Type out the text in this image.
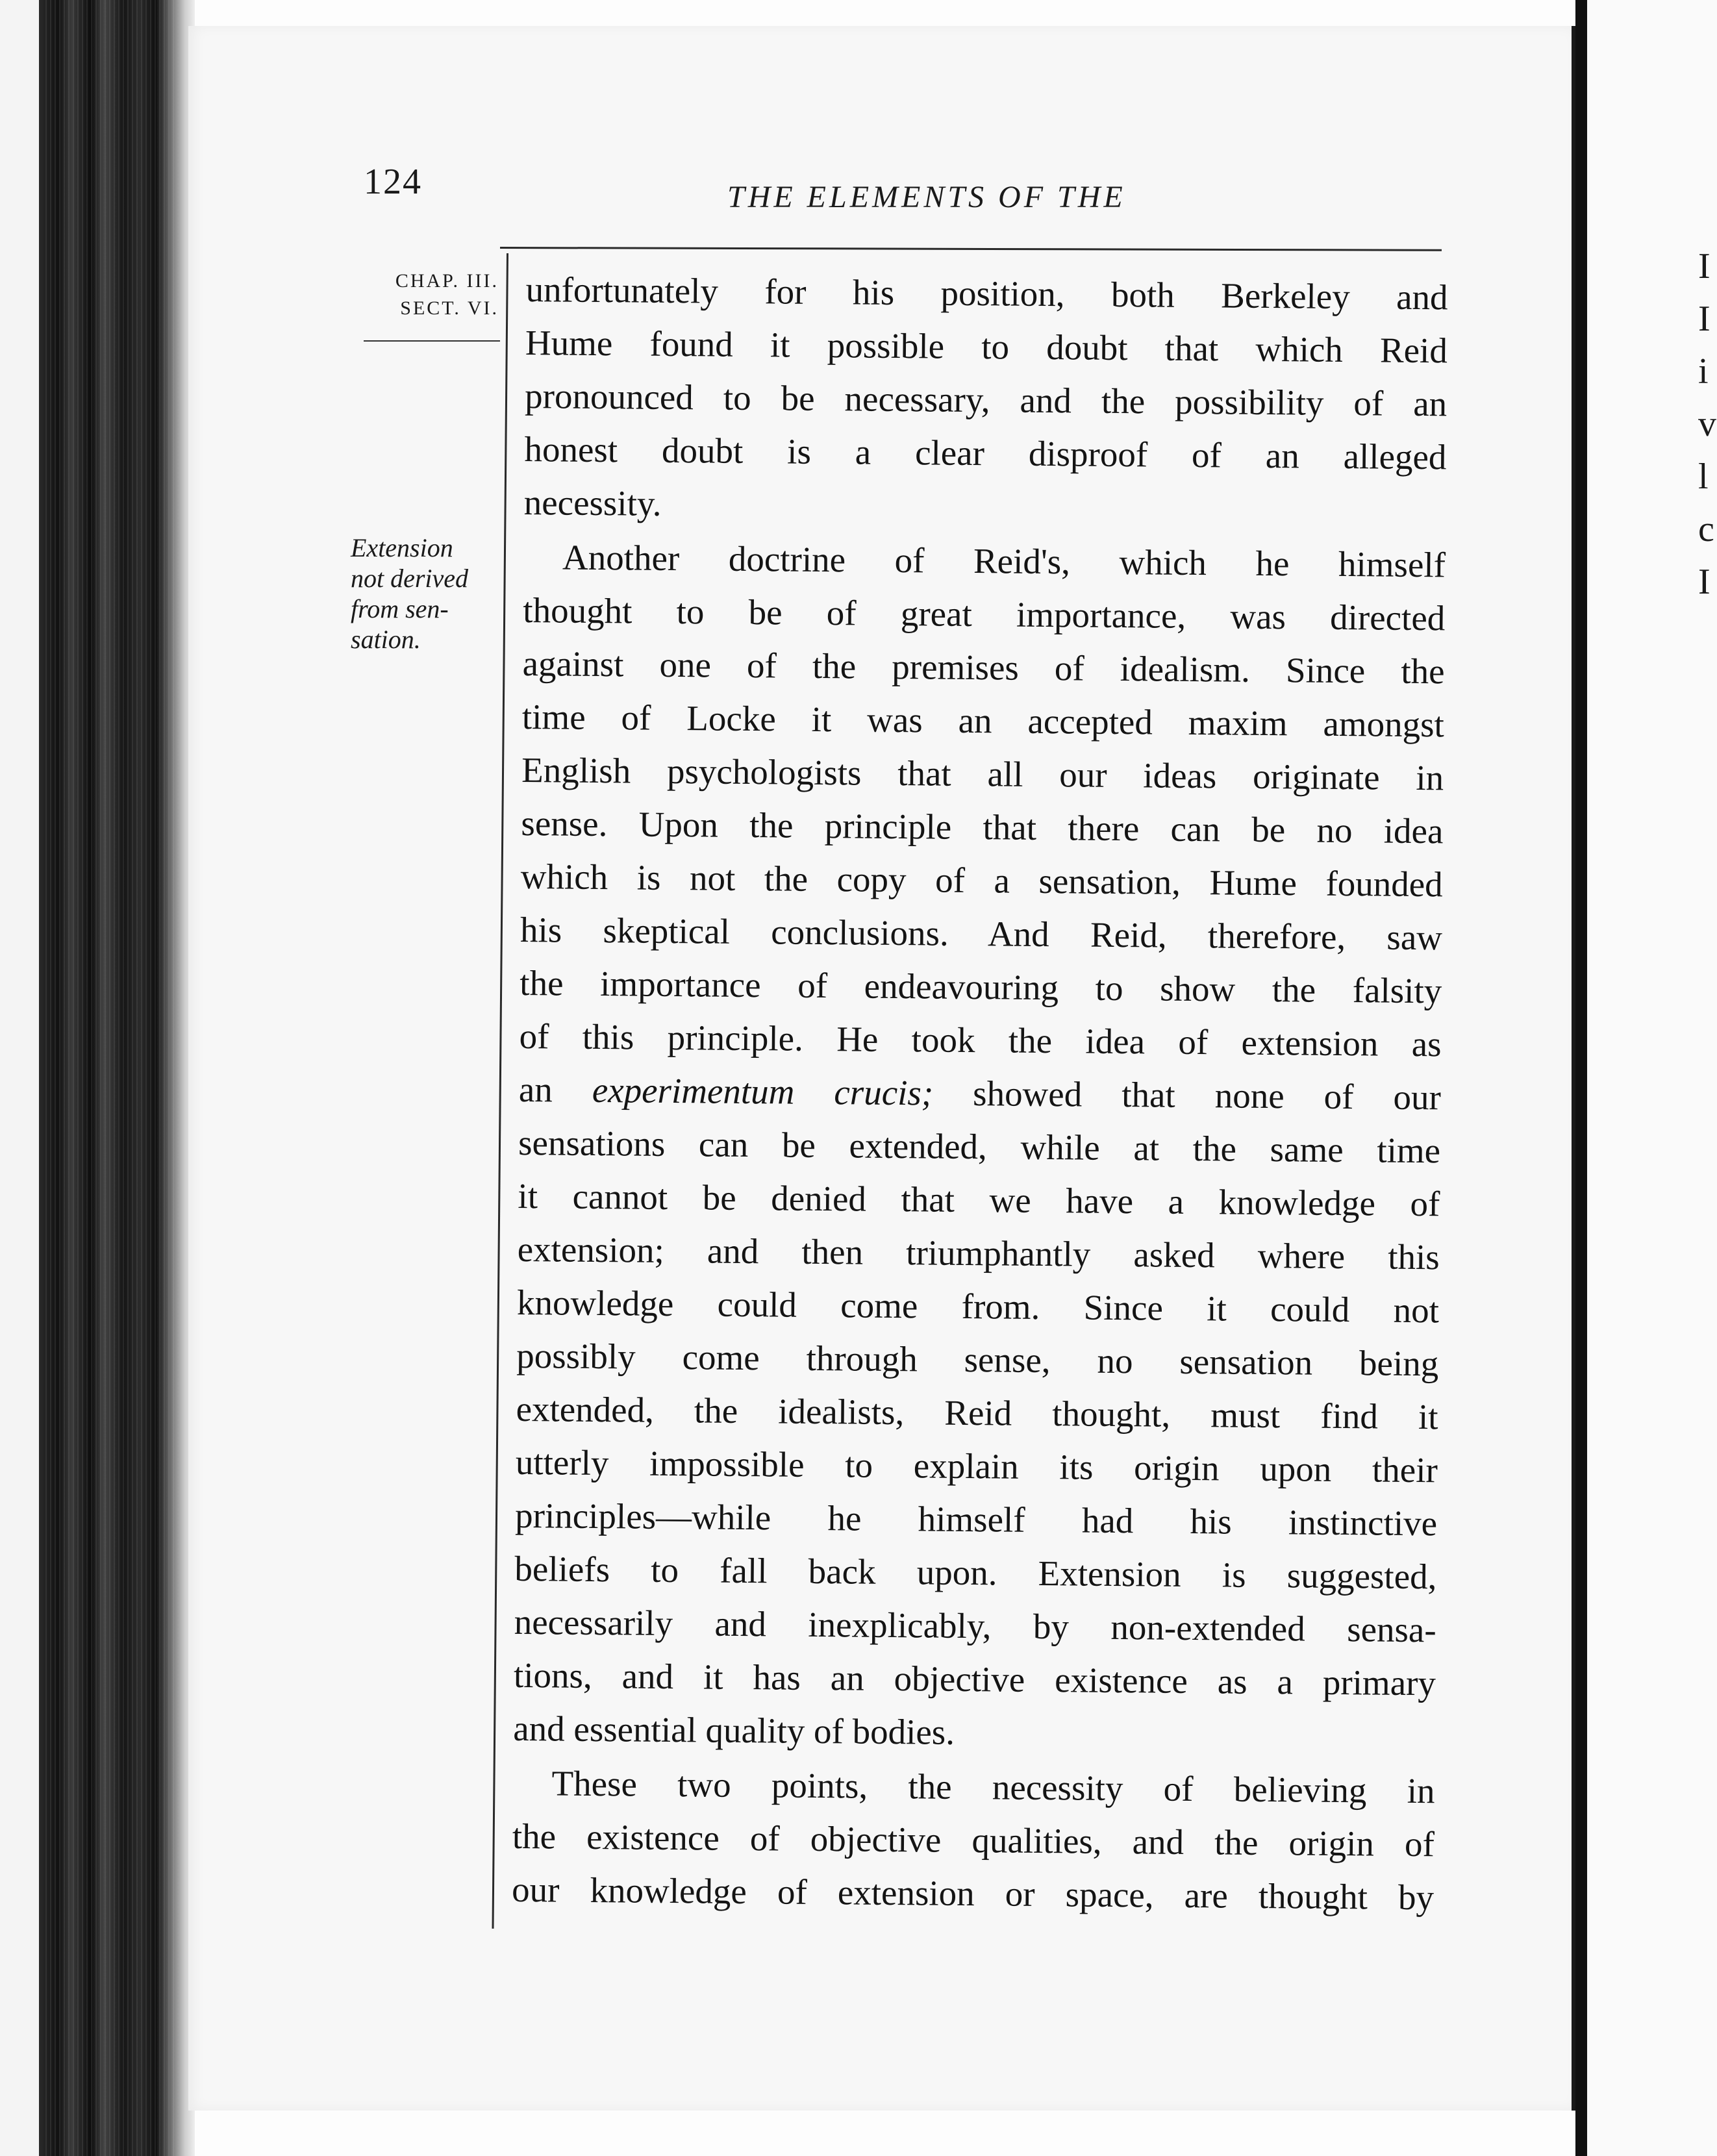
I
I
i
v
l
c
I
124	THE ELEMENTS OF THE
CHAP. III.
SECT. VI.
Extension
not derived
from sen-
sation.
unfortunately for his position, both Berkeley and
Hume found it possible to doubt that which Reid
pronounced to be necessary, and the possibility of an
honest doubt is a clear disproof of an alleged
necessity.
Another doctrine of Reid's, which he himself
thought to be of great importance, was directed
against one of the premises of idealism. Since the
time of Locke it was an accepted maxim amongst
English psychologists that all our ideas originate in
sense. Upon the principle that there can be no idea
which is not the copy of a sensation, Hume founded
his skeptical conclusions. And Reid, therefore, saw
the importance of endeavouring to show the falsity
of this principle. He took the idea of extension as
an experimentum crucis; showed that none of our
sensations can be extended, while at the same time
it cannot be denied that we have a knowledge of
extension; and then triumphantly asked where this
knowledge could come from. Since it could not
possibly come through sense, no sensation being
extended, the idealists, Reid thought, must find it
utterly impossible to explain its origin upon their
principles—while he himself had his instinctive
beliefs to fall back upon. Extension is suggested,
necessarily and inexplicably, by non-extended sensa-
tions, and it has an objective existence as a primary
and essential quality of bodies.
These two points, the necessity of believing in
the existence of objective qualities, and the origin of
our knowledge of extension or space, are thought by
